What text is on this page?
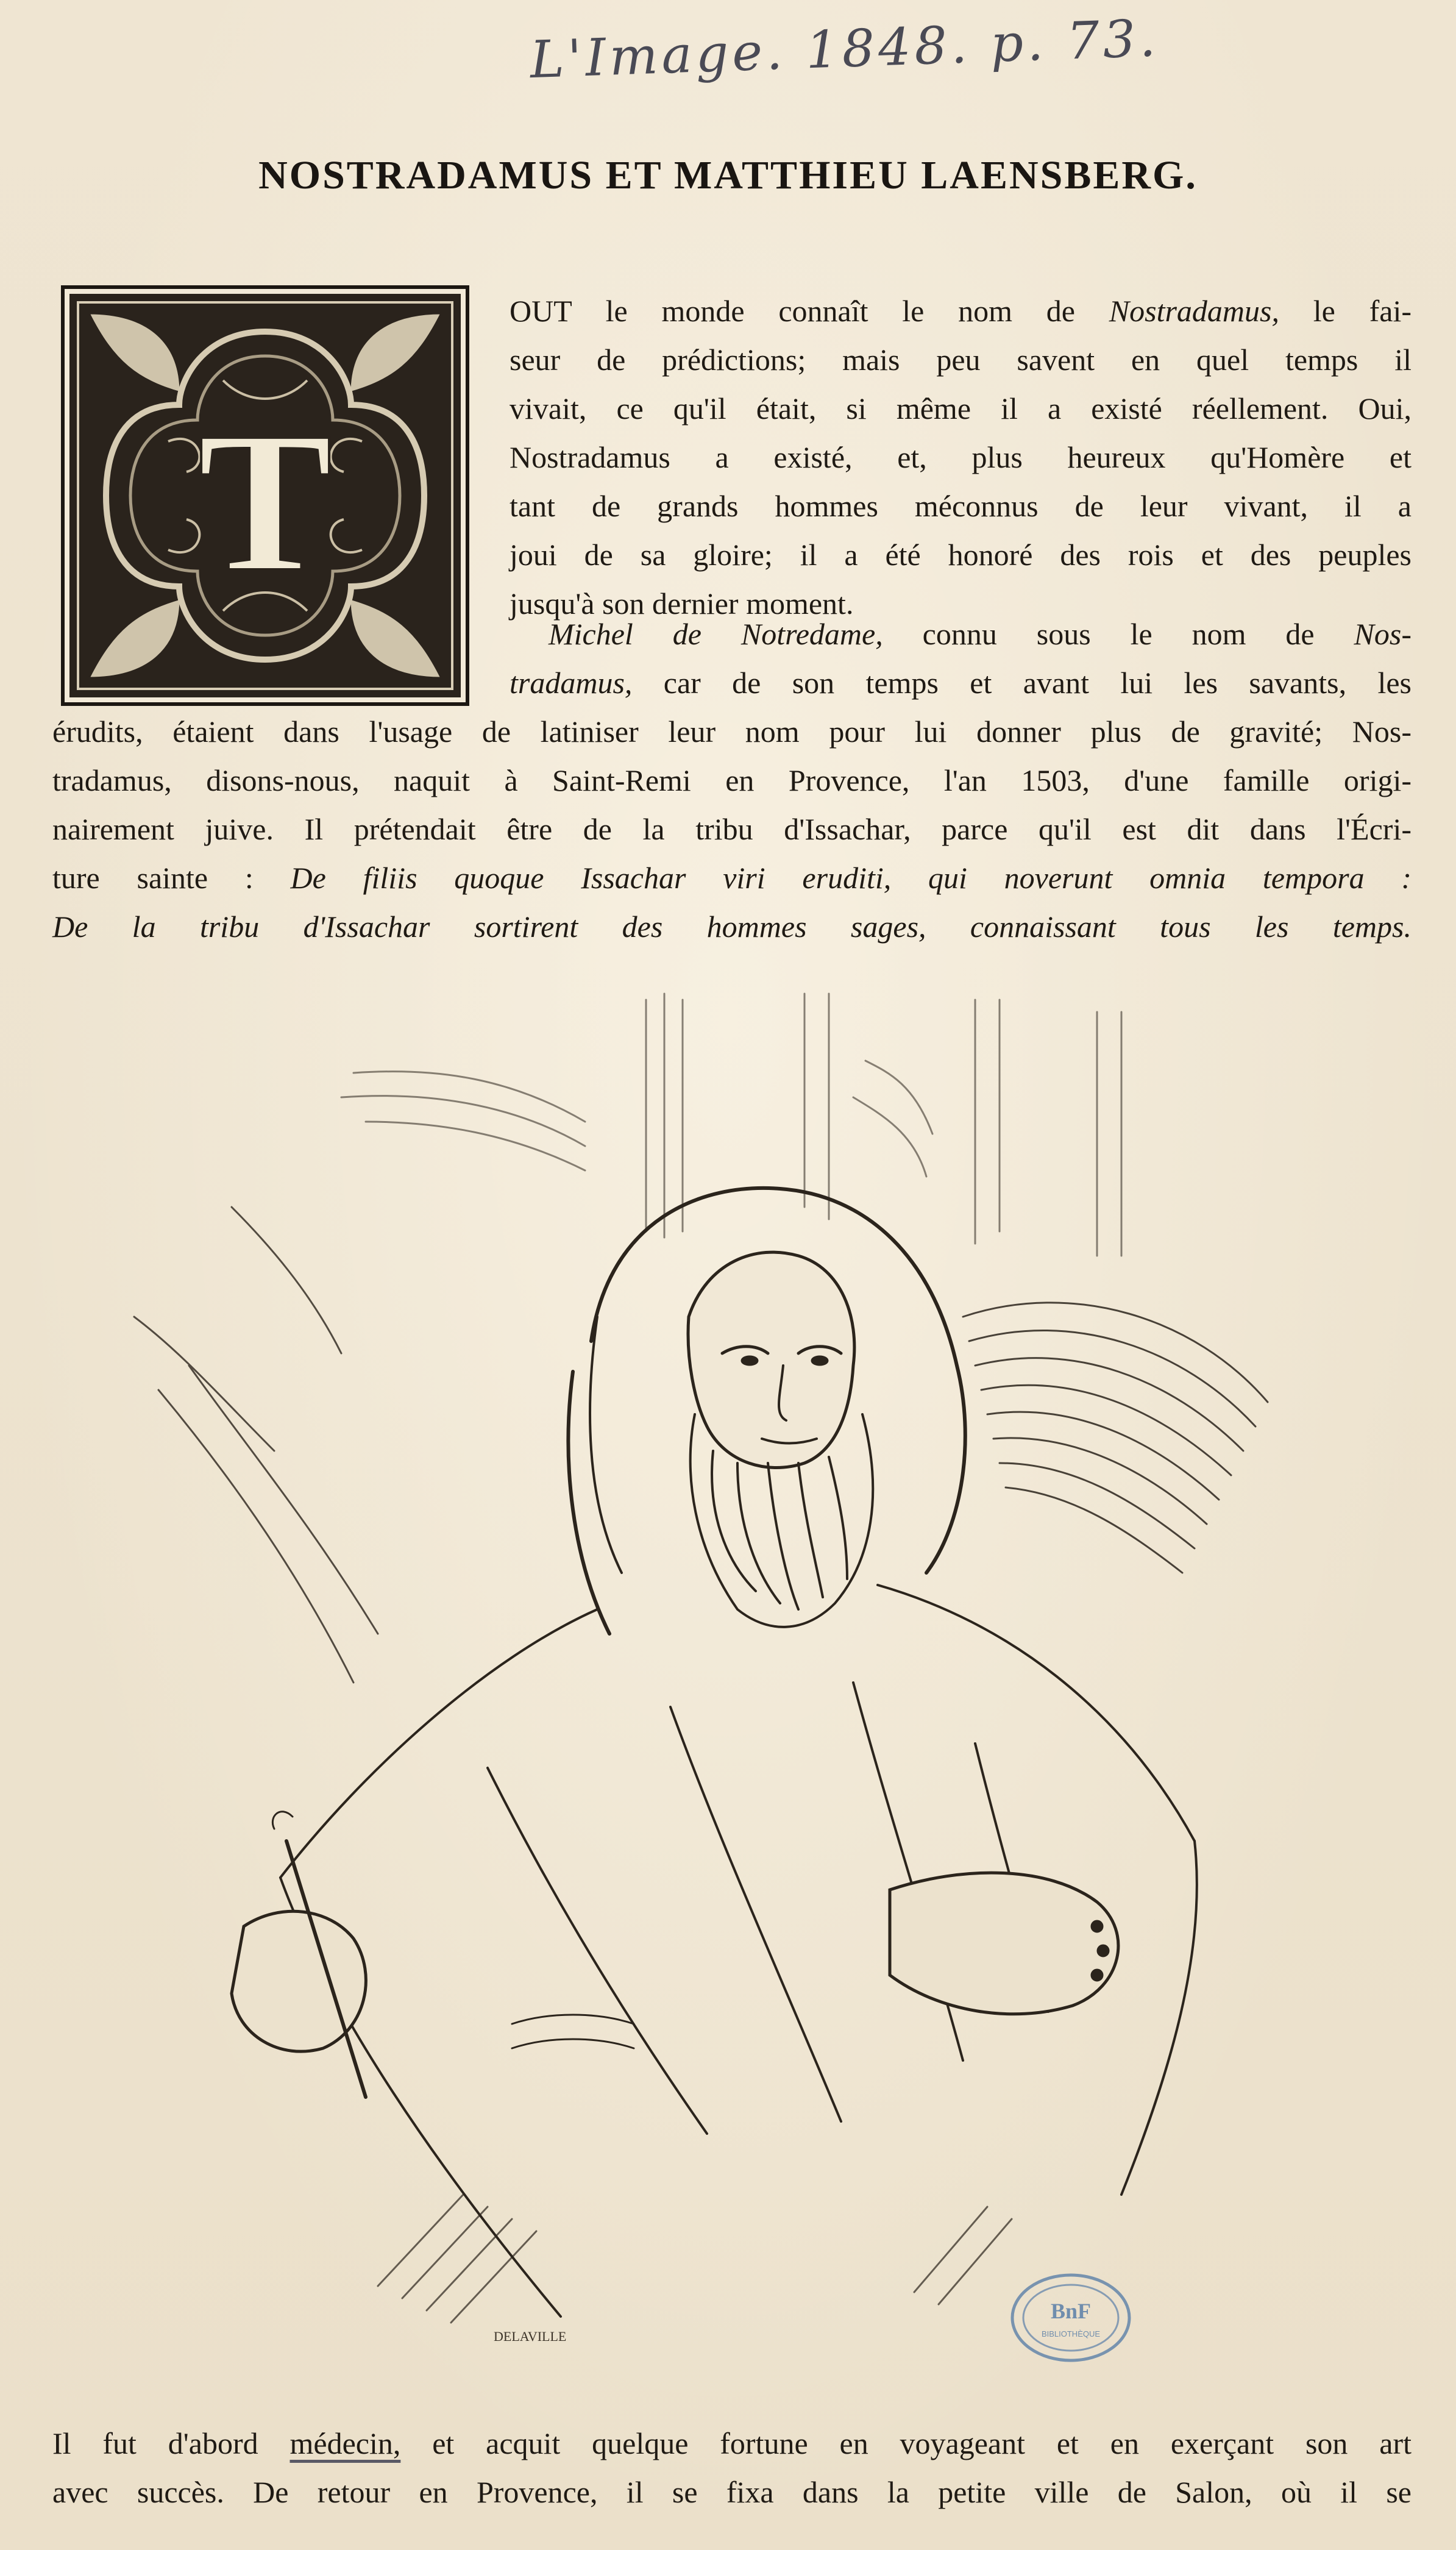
L'Image. 1848. p. 73.
NOSTRADAMUS ET MATTHIEU LAENSBERG.
T
OUT le monde connaît le nom de Nostradamus, le fai-
seur de prédictions; mais peu savent en quel temps il
vivait, ce qu'il était, si même il a existé réellement. Oui,
Nostradamus a existé, et, plus heureux qu'Homère et
tant de grands hommes méconnus de leur vivant, il a
joui de sa gloire; il a été honoré des rois et des peuples
jusqu'à son dernier moment.
Michel de Notredame, connu sous le nom de Nos-
tradamus, car de son temps et avant lui les savants, les
érudits, étaient dans l'usage de latiniser leur nom pour lui donner plus de gravité; Nos-
tradamus, disons-nous, naquit à Saint-Remi en Provence, l'an 1503, d'une famille origi-
nairement juive. Il prétendait être de la tribu d'Issachar, parce qu'il est dit dans l'Écri-
ture sainte : De filiis quoque Issachar viri eruditi, qui noverunt omnia tempora :
De la tribu d'Issachar sortirent des hommes sages, connaissant tous les temps.
DELAVILLE
BnF
BIBLIOTHÈQUE
Il fut d'abord médecin, et acquit quelque fortune en voyageant et en exerçant son art
avec succès. De retour en Provence, il se fixa dans la petite ville de Salon, où il se
